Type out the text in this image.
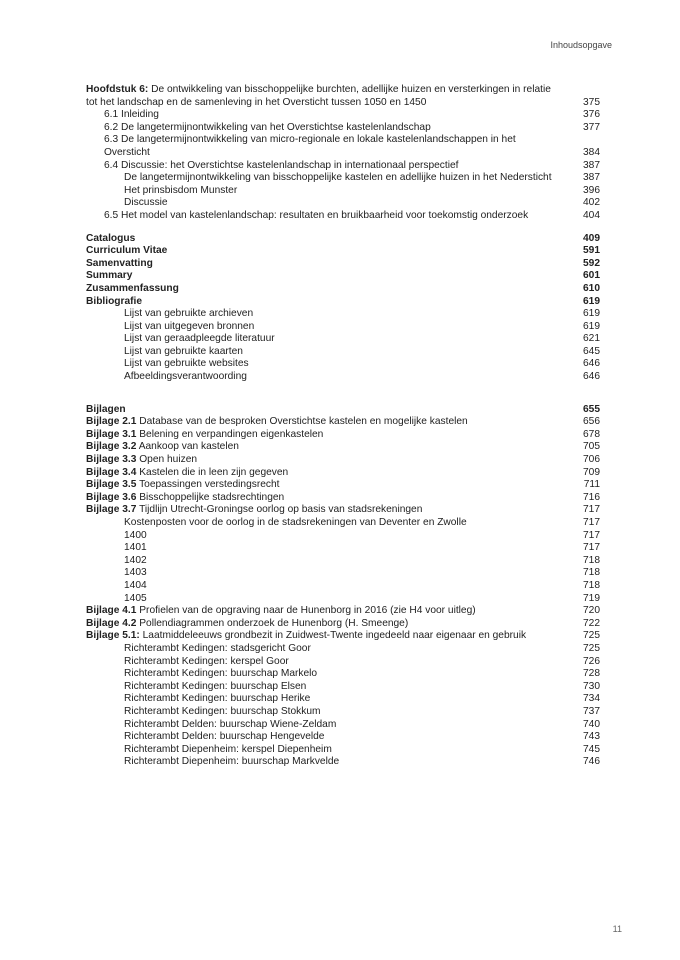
Inhoudsopgave
Hoofdstuk 6: De ontwikkeling van bisschoppelijke burchten, adellijke huizen en versterkingen in relatie tot het landschap en de samenleving in het Oversticht tussen 1050 en 1450	375
6.1 Inleiding	376
6.2 De langetermijnontwikkeling van het Overstichtse kastelenlandschap	377
6.3 De langetermijnontwikkeling van micro-regionale en lokale kastelenlandschappen in het Oversticht	384
6.4 Discussie: het Overstichtse kastelenlandschap in internationaal perspectief	387
De langetermijnontwikkeling van bisschoppelijke kastelen en adellijke huizen in het Nedersticht	387
Het prinsbisdom Munster	396
Discussie	402
6.5 Het model van kastelenlandschap: resultaten en bruikbaarheid voor toekomstig onderzoek	404
Catalogus	409
Curriculum Vitae	591
Samenvatting	592
Summary	601
Zusammenfassung	610
Bibliografie	619
Lijst van gebruikte archieven	619
Lijst van uitgegeven bronnen	619
Lijst van geraadpleegde literatuur	621
Lijst van gebruikte kaarten	645
Lijst van gebruikte websites	646
Afbeeldingsverantwoording	646
Bijlagen	655
Bijlage 2.1 Database van de besproken Overstichtse kastelen en mogelijke kastelen	656
Bijlage 3.1 Belening en verpandingen eigenkastelen	678
Bijlage 3.2 Aankoop van kastelen	705
Bijlage 3.3 Open huizen	706
Bijlage 3.4 Kastelen die in leen zijn gegeven	709
Bijlage 3.5 Toepassingen verstedingsrecht	711
Bijlage 3.6 Bisschoppelijke stadsrechtingen	716
Bijlage 3.7 Tijdlijn Utrecht-Groningse oorlog op basis van stadsrekeningen	717
Kostenposten voor de oorlog in de stadsrekeningen van Deventer en Zwolle	717
1400	717
1401	717
1402	718
1403	718
1404	718
1405	719
Bijlage 4.1 Profielen van de opgraving naar de Hunenborg in 2016 (zie H4 voor uitleg)	720
Bijlage 4.2 Pollendiagrammen onderzoek de Hunenborg (H. Smeenge)	722
Bijlage 5.1: Laatmiddeleeuws grondbezit in Zuidwest-Twente ingedeeld naar eigenaar en gebruik	725
Richterambt Kedingen: stadsgericht Goor	725
Richterambt Kedingen: kerspel Goor	726
Richterambt Kedingen: buurschap Markelo	728
Richterambt Kedingen: buurschap Elsen	730
Richterambt Kedingen: buurschap Herike	734
Richterambt Kedingen: buurschap Stokkum	737
Richterambt Delden: buurschap Wiene-Zeldam	740
Richterambt Delden: buurschap Hengevelde	743
Richterambt Diepenheim: kerspel Diepenheim	745
Richterambt Diepenheim: buurschap Markvelde	746
11
